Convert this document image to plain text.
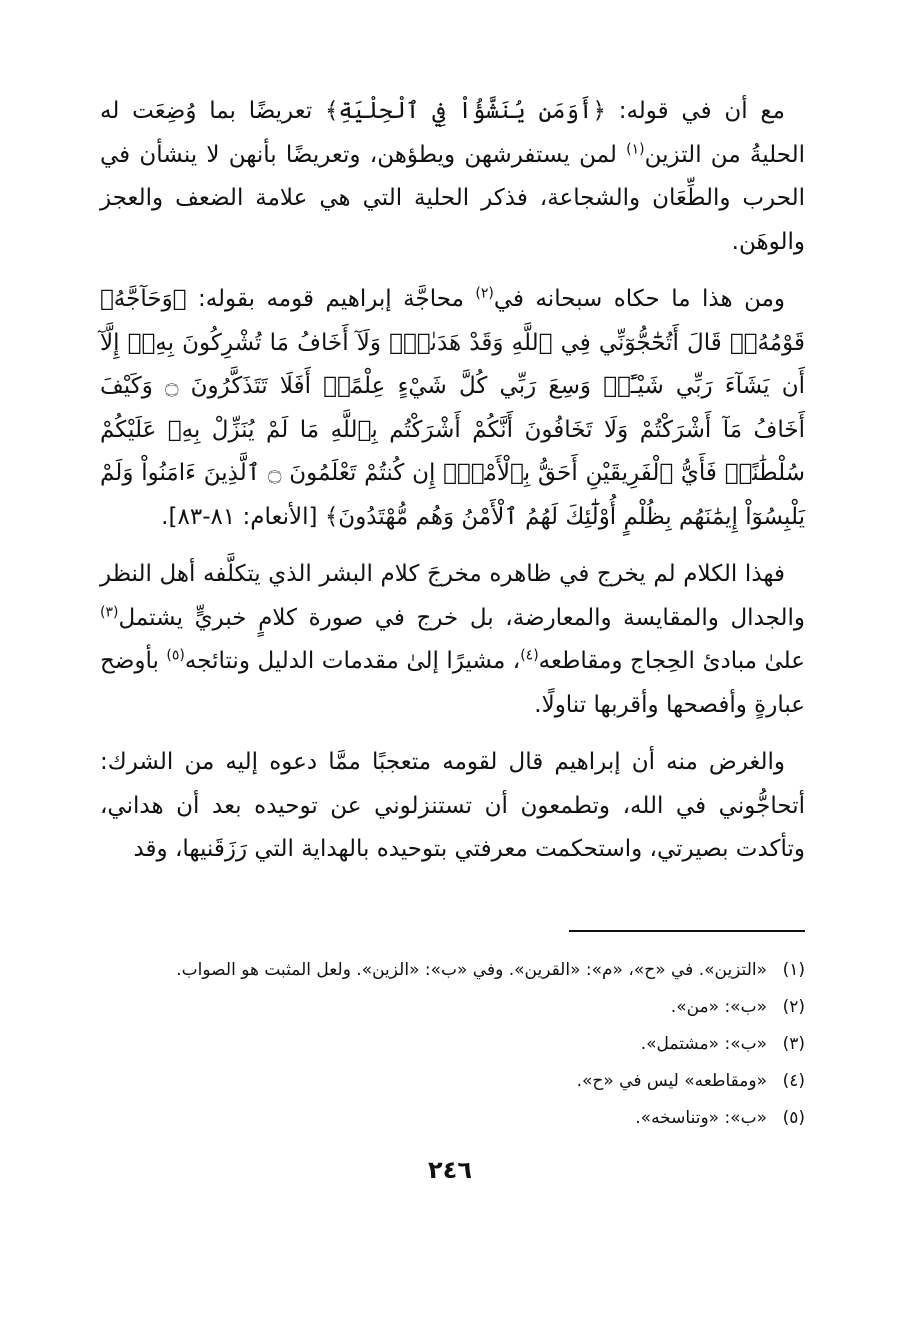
مع أن في قوله: ﴿أَوَمَن يُنَشَّؤُاْ فِي ٱلْحِلْيَةِ﴾ تعريضًا بما وُضِعَت له الحليةُ من التزين$^{(١)}$ لمن يستفرشهن ويطؤهن، وتعريضًا بأنهن لا ينشأن في الحرب والطِّعَان والشجاعة، فذكر الحلية التي هي علامة الضعف والعجز والوهَن.

ومن هذا ما حكاه سبحانه في$^{(٢)}$ محاجَّة إبراهيم قومه بقوله: ﴿وَحَآجَّهُۥ قَوْمُهُۥۚ قَالَ أَتُحَٰٓجُّوٓنِّي فِي ٱللَّهِ وَقَدْ هَدَىٰنِۚ وَلَآ أَخَافُ مَا تُشْرِكُونَ بِهِۦٓ إِلَّآ أَن يَشَآءَ رَبِّي شَيْـًٔاۗ وَسِعَ رَبِّي كُلَّ شَيْءٍ عِلْمًاۗ أَفَلَا تَتَذَكَّرُونَ ۝ وَكَيْفَ أَخَافُ مَآ أَشْرَكْتُمْ وَلَا تَخَافُونَ أَنَّكُمْ أَشْرَكْتُم بِٱللَّهِ مَا لَمْ يُنَزِّلْ بِهِۦ عَلَيْكُمْ سُلْطَٰنًاۚ فَأَيُّ ٱلْفَرِيقَيْنِ أَحَقُّ بِٱلْأَمْنِۖ إِن كُنتُمْ تَعْلَمُونَ ۝ ٱلَّذِينَ ءَامَنُواْ وَلَمْ يَلْبِسُوٓاْ إِيمَٰنَهُم بِظُلْمٍ أُوْلَٰٓئِكَ لَهُمُ ٱلْأَمْنُ وَهُم مُّهْتَدُونَ﴾ [الأنعام: ٨١-٨٣].

فهذا الكلام لم يخرج في ظاهره مخرجَ كلام البشر الذي يتكلَّفه أهل النظر والجدال والمقايسة والمعارضة، بل خرج في صورة كلامٍ خبريٍّ يشتمل$^{(٣)}$ علىٰ مبادئ الحِجاج ومقاطعه$^{(٤)}$، مشيرًا إلىٰ مقدمات الدليل ونتائجه$^{(٥)}$ بأوضح عبارةٍ وأفصحها وأقربها تناولًا.

والغرض منه أن إبراهيم قال لقومه متعجبًا ممَّا دعوه إليه من الشرك: أتحاجُّوني في الله، وتطمعون أن تستنزلوني عن توحيده بعد أن هداني، وتأكدت بصيرتي، واستحكمت معرفتي بتوحيده بالهداية التي رَزَقَنيها، وقد

(١)«التزين». في «ح»، «م»: «القرين». وفي «ب»: «الزين». ولعل المثبت هو الصواب.
(٢)«ب»: «من».
(٣)«ب»: «مشتمل».
(٤)«ومقاطعه» ليس في «ح».
(٥)«ب»: «وتناسخه».
٢٤٦
